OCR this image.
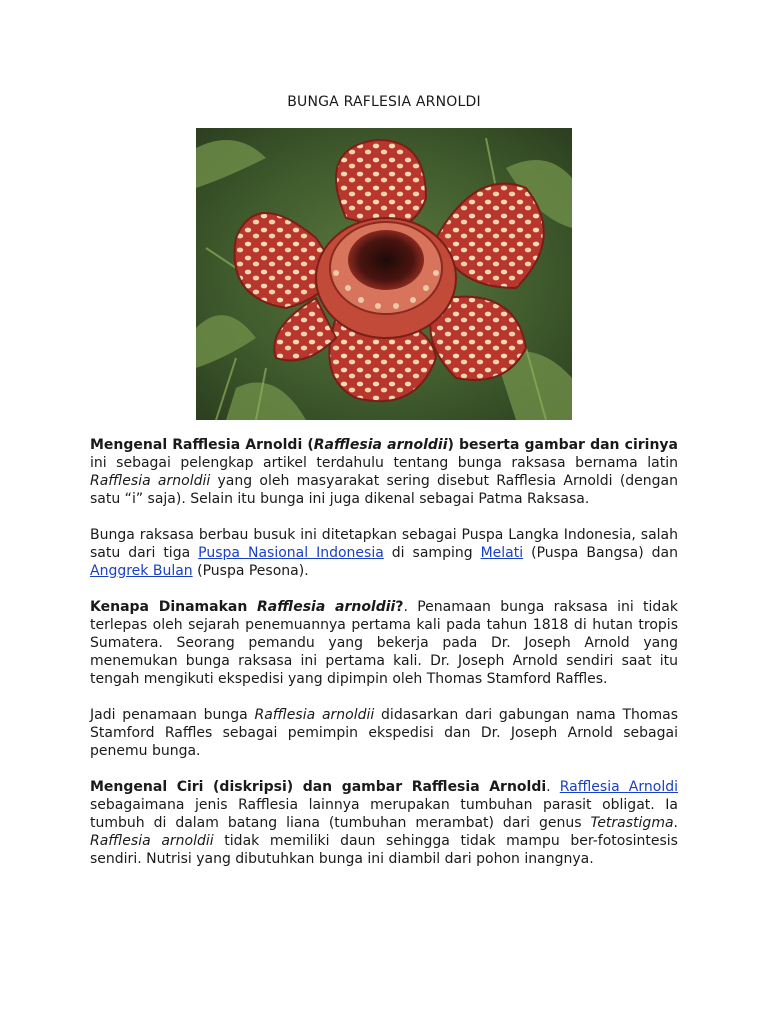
BUNGA RAFLESIA ARNOLDI

Mengenal Rafflesia Arnoldi (Rafflesia arnoldii) beserta gambar dan cirinya ini sebagai pelengkap artikel terdahulu tentang bunga raksasa bernama latin Rafflesia arnoldii yang oleh masyarakat sering disebut Rafflesia Arnoldi (dengan satu “i” saja). Selain itu bunga ini juga dikenal sebagai Patma Raksasa.

Bunga raksasa berbau busuk ini ditetapkan sebagai Puspa Langka Indonesia, salah satu dari tiga Puspa Nasional Indonesia di samping Melati (Puspa Bangsa) dan Anggrek Bulan (Puspa Pesona).

Kenapa Dinamakan Rafflesia arnoldii?. Penamaan bunga raksasa ini tidak terlepas oleh sejarah penemuannya pertama kali pada tahun 1818 di hutan tropis Sumatera. Seorang pemandu yang bekerja pada Dr. Joseph Arnold yang menemukan bunga raksasa ini pertama kali. Dr. Joseph Arnold sendiri saat itu tengah mengikuti ekspedisi yang dipimpin oleh Thomas Stamford Raffles.

Jadi penamaan bunga Rafflesia arnoldii didasarkan dari gabungan nama Thomas Stamford Raffles sebagai pemimpin ekspedisi dan Dr. Joseph Arnold sebagai penemu bunga.

Mengenal Ciri (diskripsi) dan gambar Rafflesia Arnoldi. Rafflesia Arnoldi sebagaimana jenis Rafflesia lainnya merupakan tumbuhan parasit obligat. Ia tumbuh di dalam batang liana (tumbuhan merambat) dari genus Tetrastigma. Rafflesia arnoldii tidak memiliki daun sehingga tidak mampu ber-fotosintesis sendiri. Nutrisi yang dibutuhkan bunga ini diambil dari pohon inangnya.
